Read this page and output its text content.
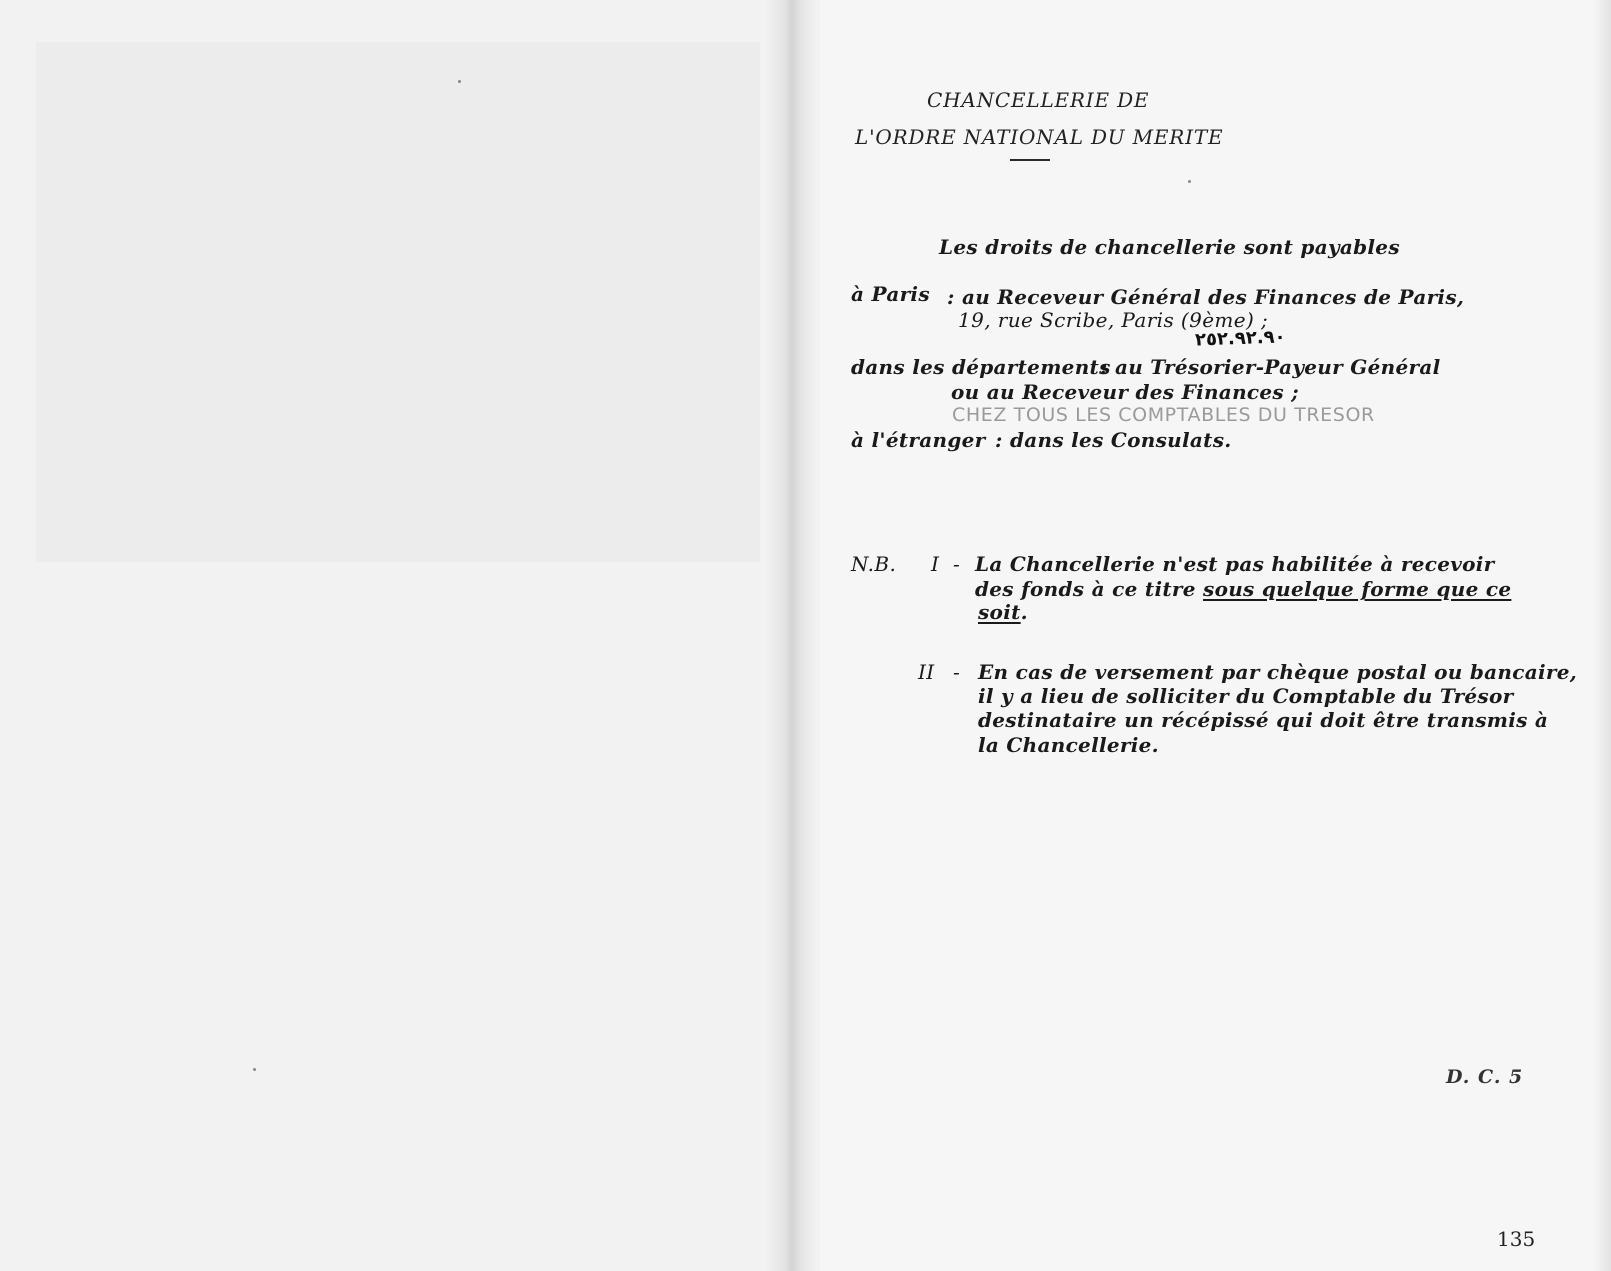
CHANCELLERIE DE
L'ORDRE NATIONAL DU MERITE
Les droits de chancellerie sont payables
à Paris : au Receveur Général des Finances de Paris,
19, rue Scribe, Paris (9ème) ;
٢٥٢.٩٢.٩٠
dans les départements
: au Trésorier-Payeur Général
ou au Receveur des Finances ;
CHEZ TOUS LES COMPTABLES DU TRESOR
à l'étranger : dans les Consulats.
N.B. I - La Chancellerie n'est pas habilitée à recevoir
des fonds à ce titre sous quelque forme que ce
soit.
II - En cas de versement par chèque postal ou bancaire,
il y a lieu de solliciter du Comptable du Trésor
destinataire un récépissé qui doit être transmis à
la Chancellerie.
D. C. 5
135
